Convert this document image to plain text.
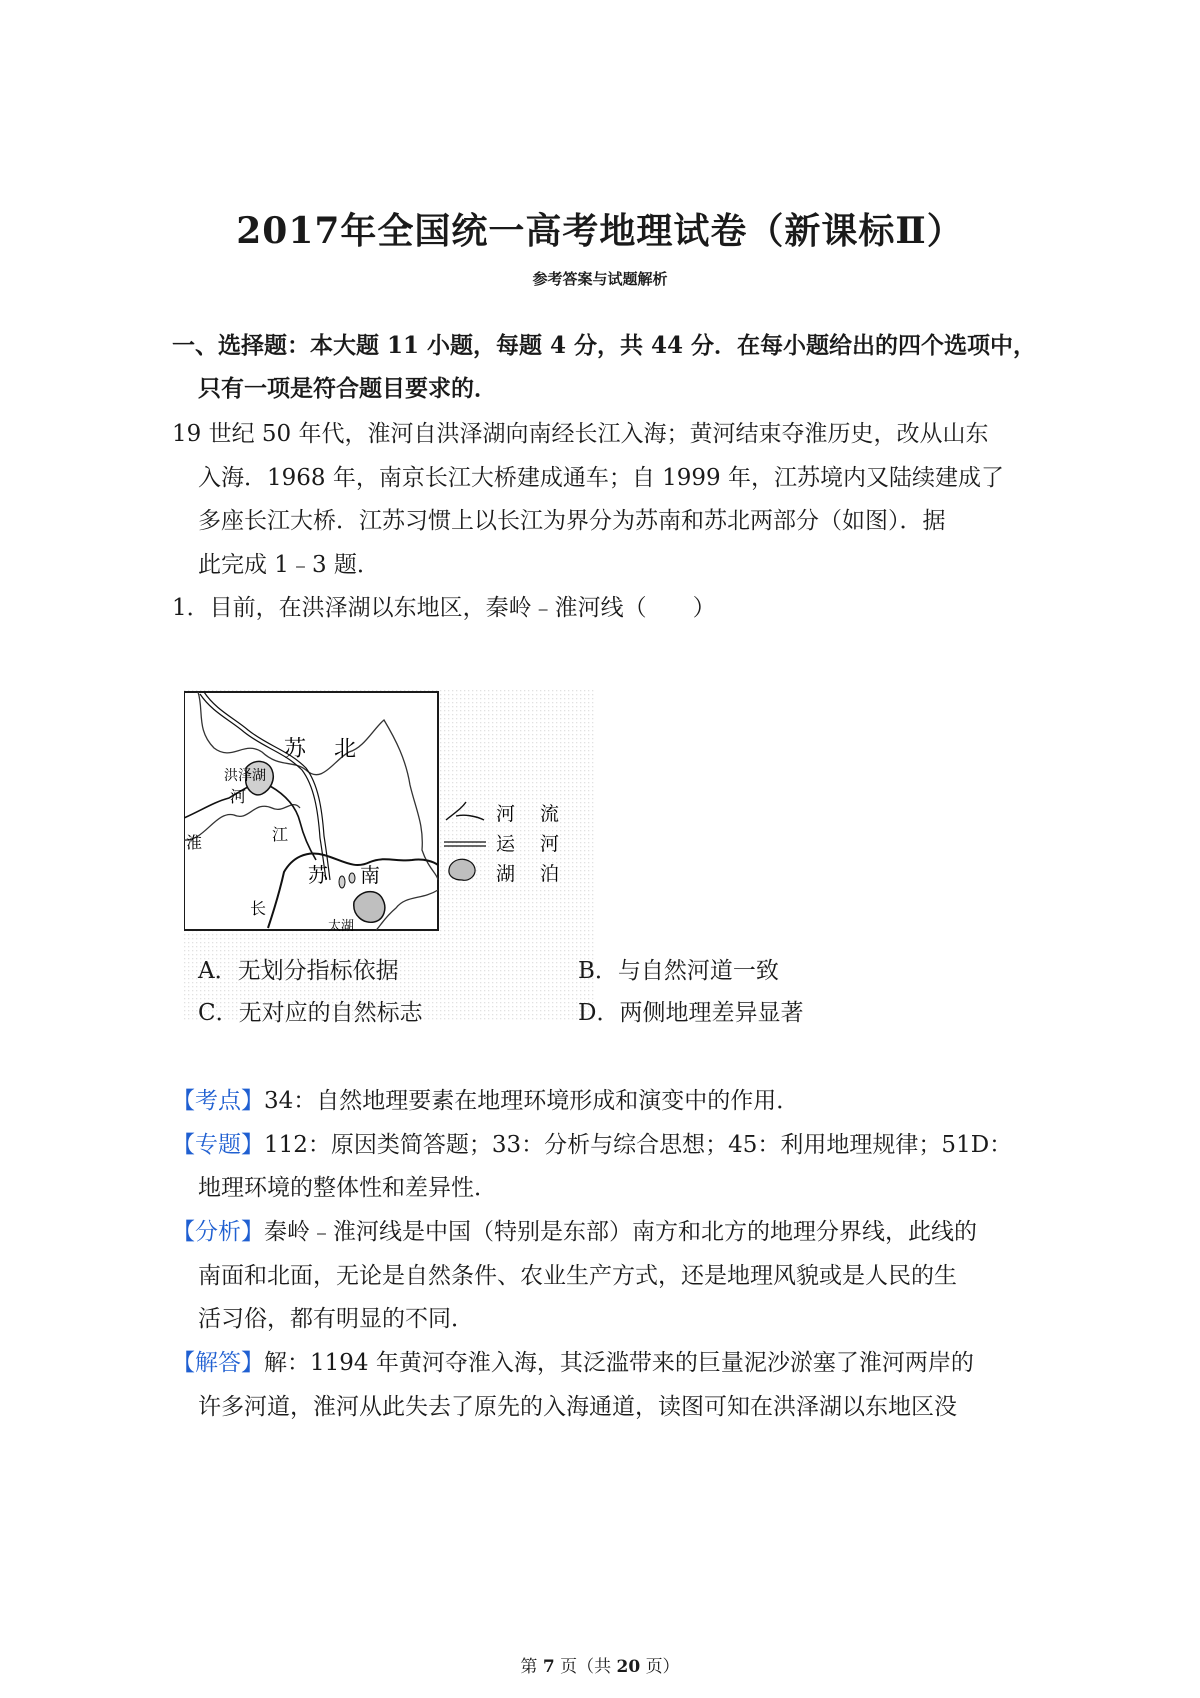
2017年全国统一高考地理试卷（新课标Ⅱ）
参考答案与试题解析
一、选择题：本大题 11 小题，每题 4 分，共 44 分．在每小题给出的四个选项中，
只有一项是符合题目要求的．
19 世纪 50 年代，淮河自洪泽湖向南经长江入海；黄河结束夺淮历史，改从山东
入海．1968 年，南京长江大桥建成通车；自 1999 年，江苏境内又陆续建成了
多座长江大桥．江苏习惯上以长江为界分为苏南和苏北两部分（如图）．据
此完成 1﹣3 题．
1．目前，在洪泽湖以东地区，秦岭﹣淮河线（　　）
苏 北
洪泽湖
河
淮	江
苏 南
长
太湖
河 流
运 河
湖 泊
A．无划分指标依据	B．与自然河道一致
C．无对应的自然标志	D．两侧地理差异显著
【考点】34：自然地理要素在地理环境形成和演变中的作用．
【专题】112：原因类简答题；33：分析与综合思想；45：利用地理规律；51D：
地理环境的整体性和差异性．
【分析】秦岭﹣淮河线是中国（特别是东部）南方和北方的地理分界线，此线的
南面和北面，无论是自然条件、农业生产方式，还是地理风貌或是人民的生
活习俗，都有明显的不同．
【解答】解：1194 年黄河夺淮入海，其泛滥带来的巨量泥沙淤塞了淮河两岸的
许多河道，淮河从此失去了原先的入海通道，读图可知在洪泽湖以东地区没
第 7 页（共 20 页）
